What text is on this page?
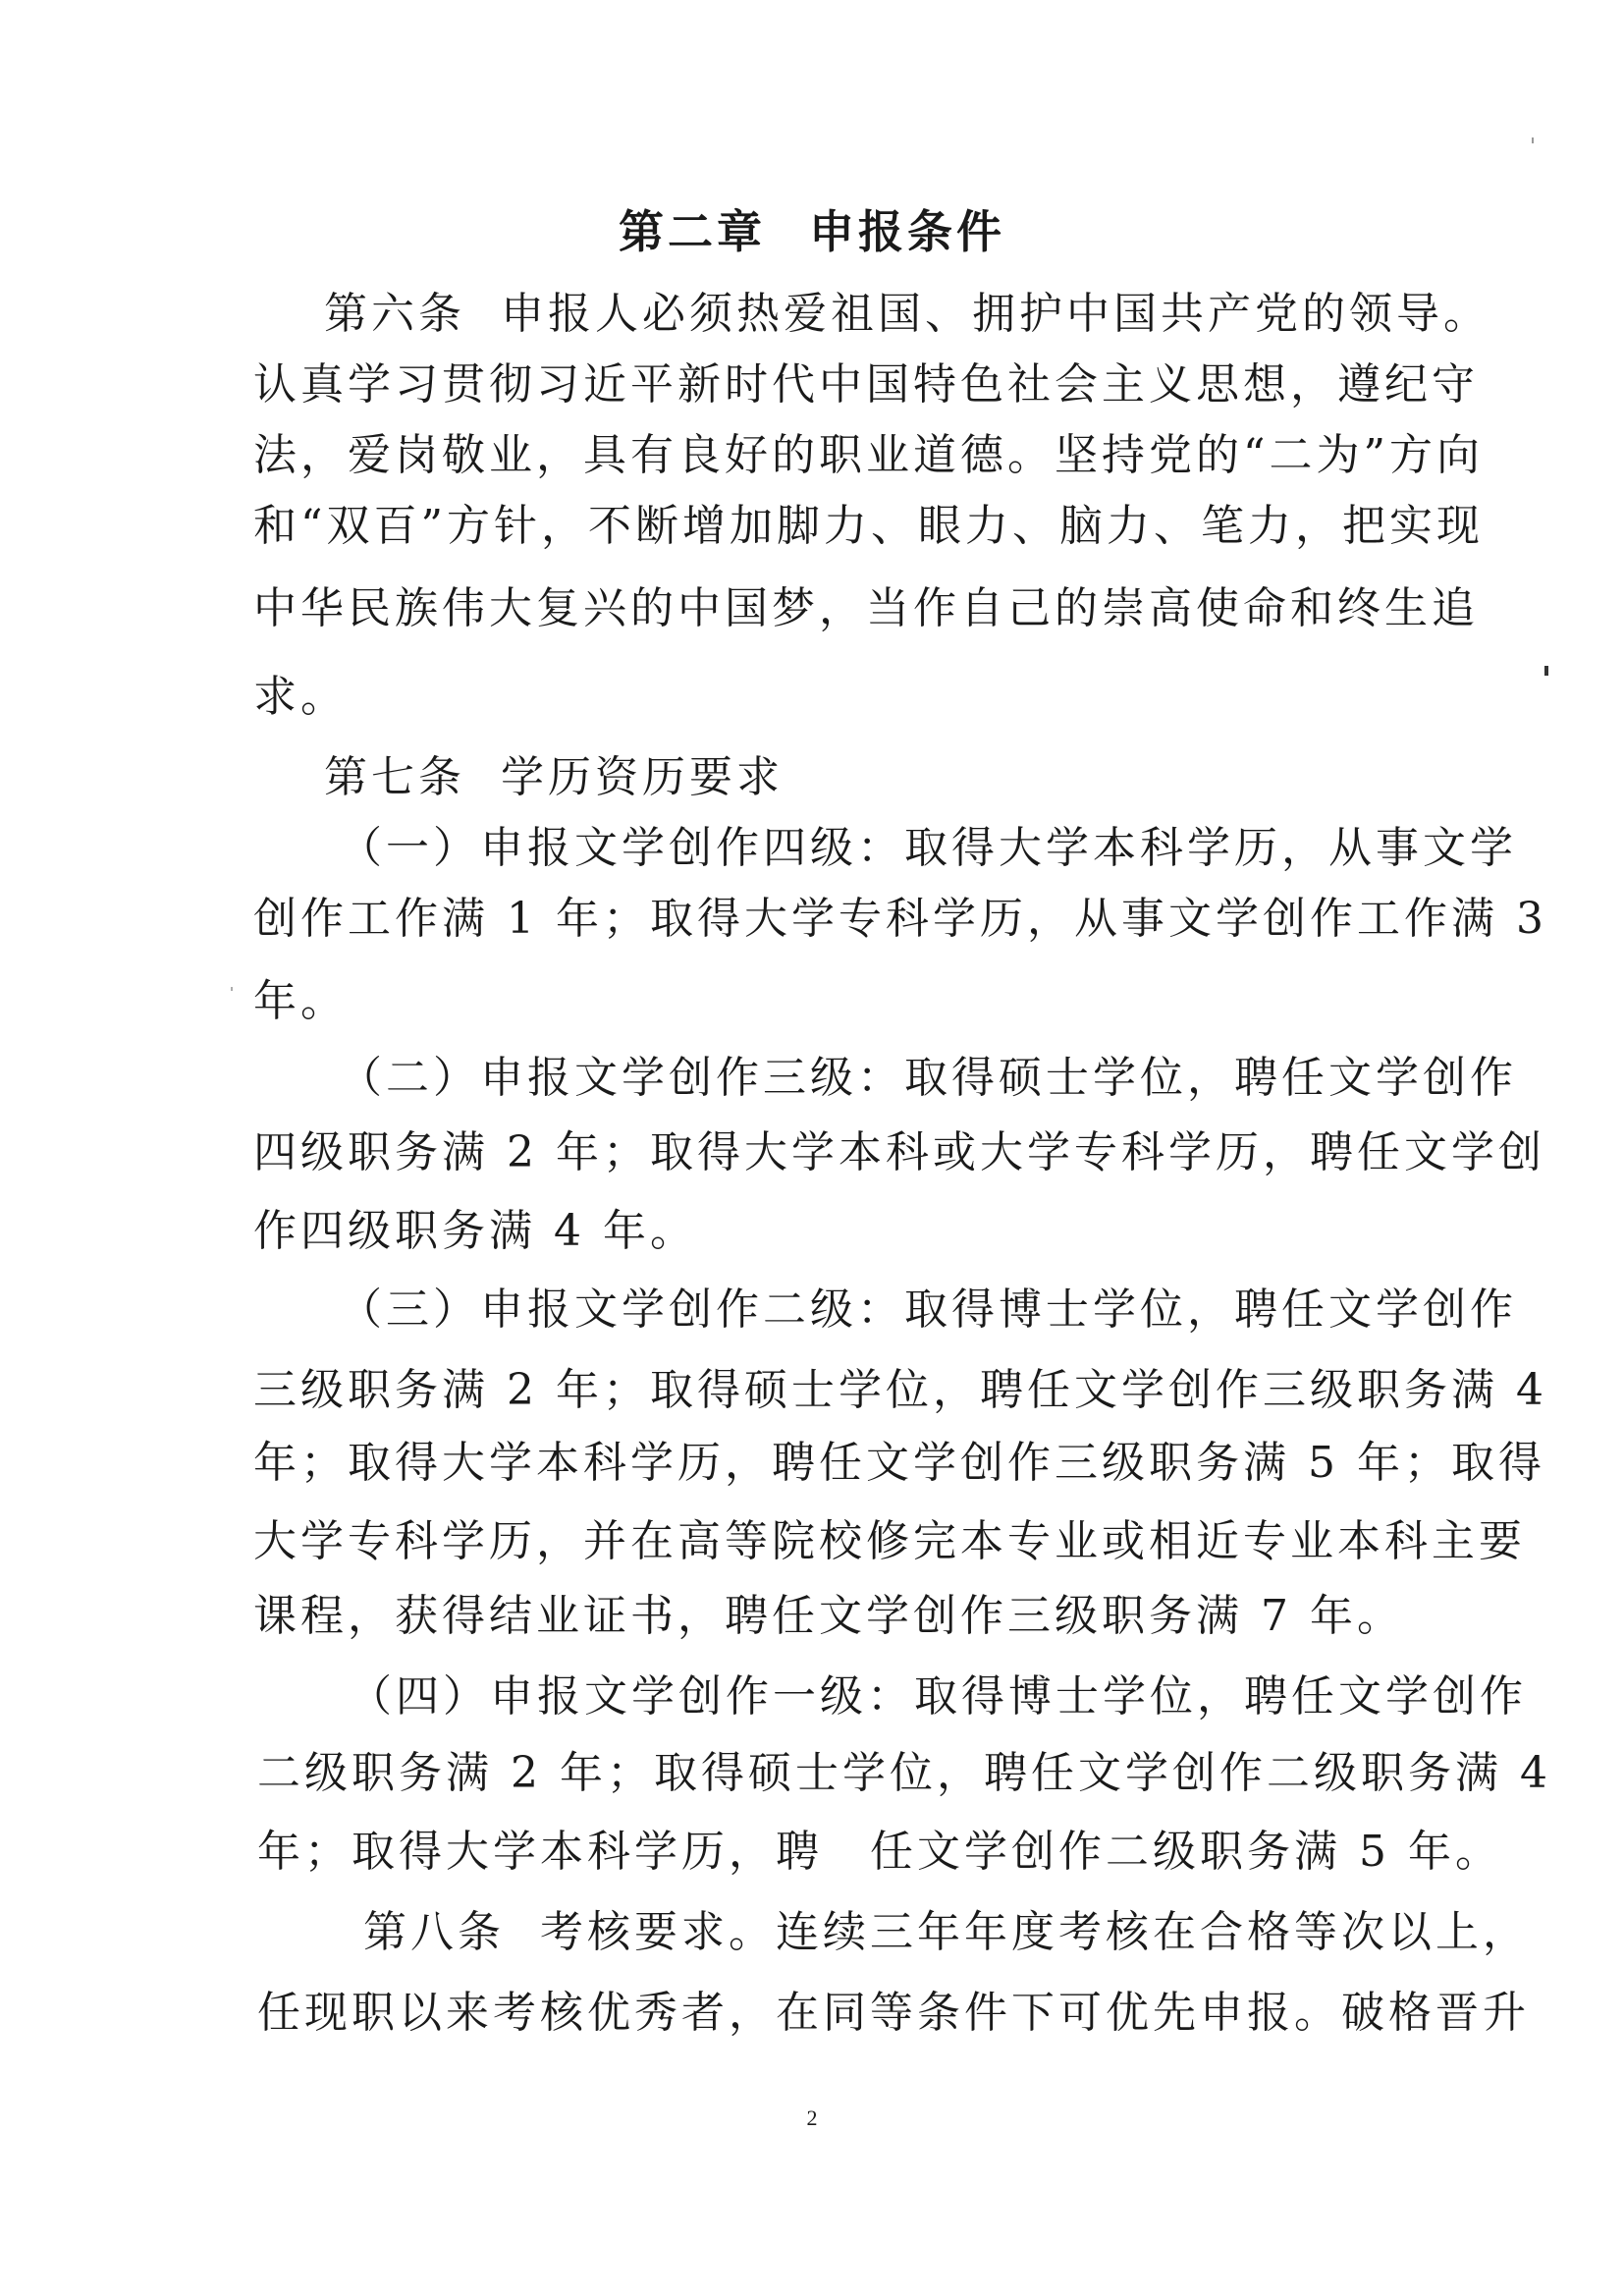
第二章 申报条件
第六条 申报人必须热爱祖国、拥护中国共产党的领导。
认真学习贯彻习近平新时代中国特色社会主义思想，遵纪守
法，爱岗敬业，具有良好的职业道德。坚持党的“二为”方向
和“双百”方针，不断增加脚力、眼力、脑力、笔力，把实现
中华民族伟大复兴的中国梦，当作自己的崇高使命和终生追
求。
第七条 学历资历要求
（一）申报文学创作四级：取得大学本科学历，从事文学
创作工作满 1 年；取得大学专科学历，从事文学创作工作满 3
年。
（二）申报文学创作三级：取得硕士学位，聘任文学创作
四级职务满 2 年；取得大学本科或大学专科学历，聘任文学创
作四级职务满 4 年。
（三）申报文学创作二级：取得博士学位，聘任文学创作
三级职务满 2 年；取得硕士学位，聘任文学创作三级职务满 4
年；取得大学本科学历，聘任文学创作三级职务满 5 年；取得
大学专科学历，并在高等院校修完本专业或相近专业本科主要
课程，获得结业证书，聘任文学创作三级职务满 7 年。
（四）申报文学创作一级：取得博士学位，聘任文学创作
二级职务满 2 年；取得硕士学位，聘任文学创作二级职务满 4
年；取得大学本科学历，聘　任文学创作二级职务满 5 年。
第八条 考核要求。连续三年年度考核在合格等次以上，
任现职以来考核优秀者，在同等条件下可优先申报。破格晋升
2
